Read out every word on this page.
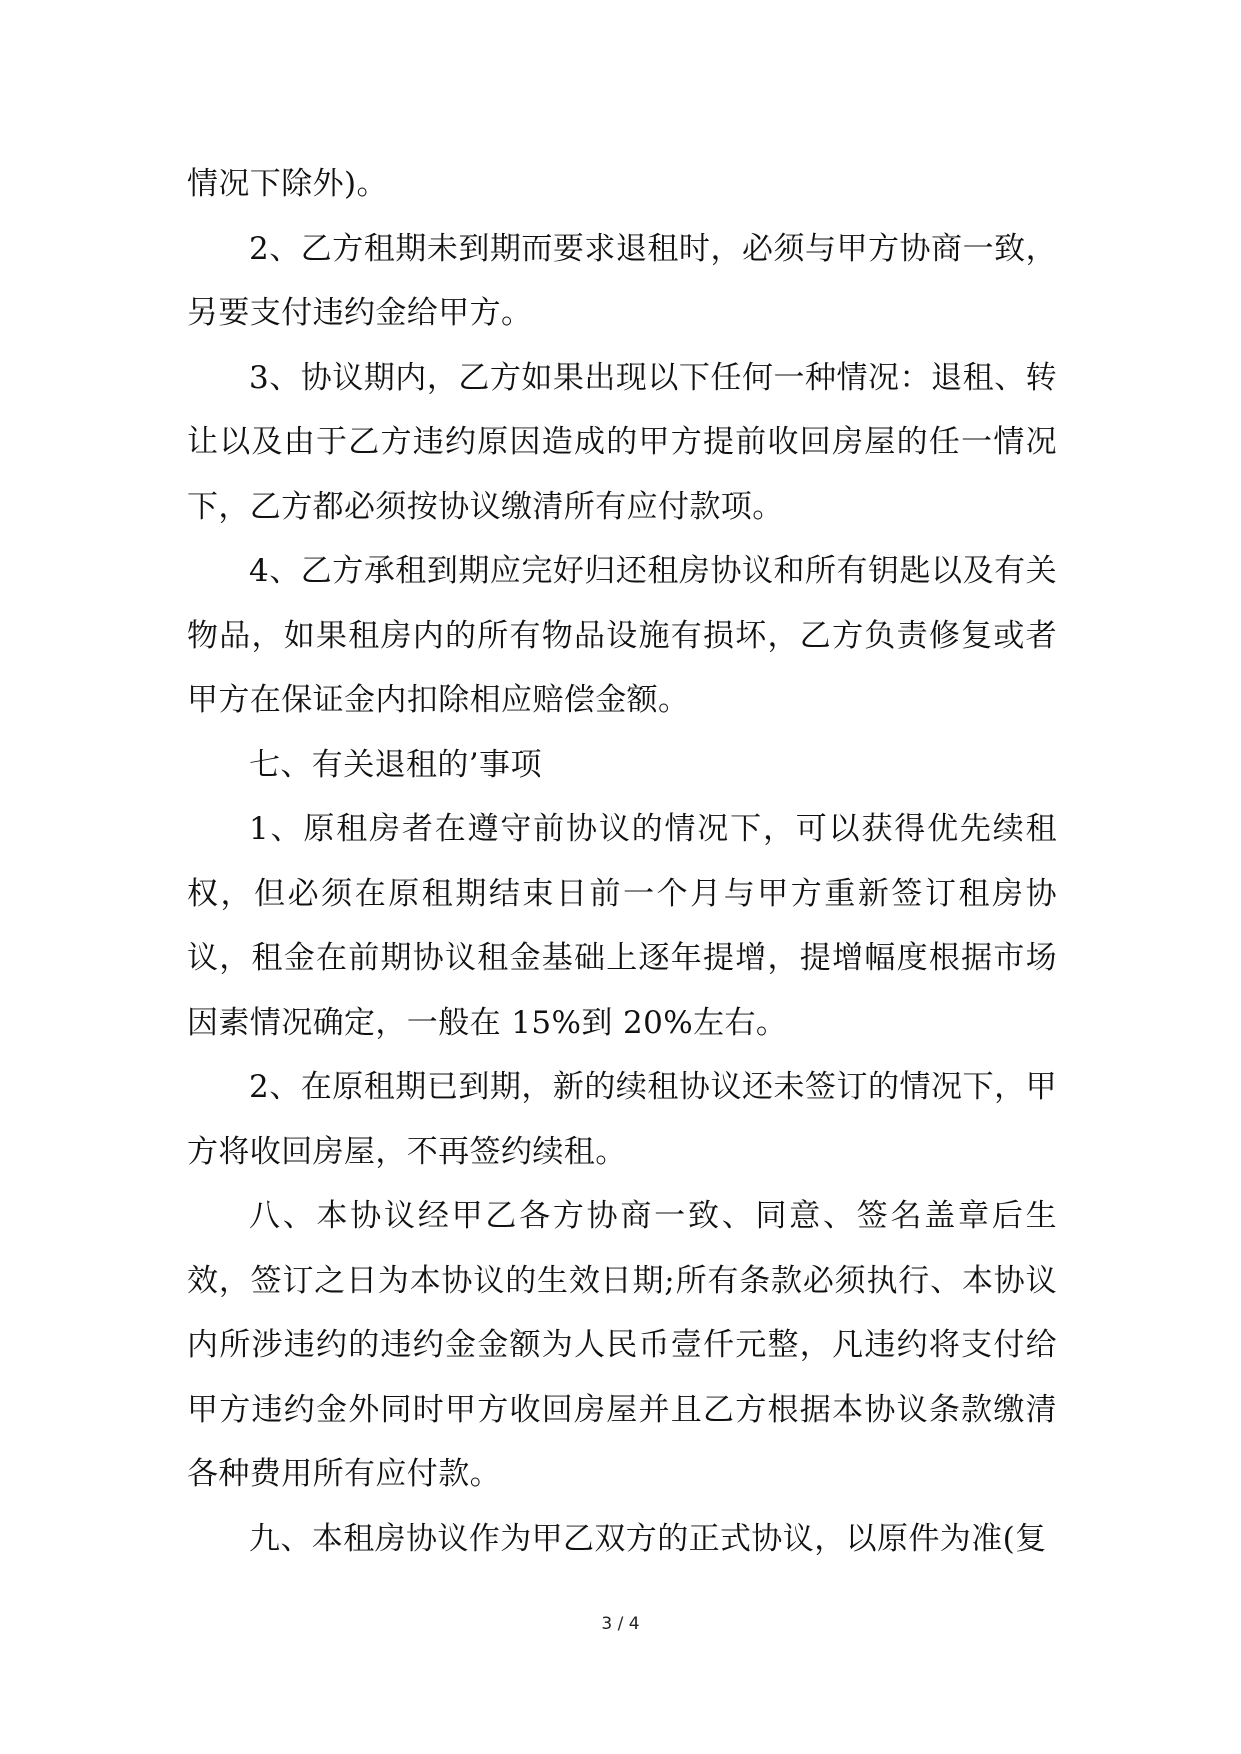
情况下除外)。

2、乙方租期未到期而要求退租时，必须与甲方协商一致，另要支付违约金给甲方。

3、协议期内，乙方如果出现以下任何一种情况：退租、转让以及由于乙方违约原因造成的甲方提前收回房屋的任一情况下，乙方都必须按协议缴清所有应付款项。

4、乙方承租到期应完好归还租房协议和所有钥匙以及有关物品，如果租房内的所有物品设施有损坏，乙方负责修复或者甲方在保证金内扣除相应赔偿金额。

七、有关退租的’事项

1、原租房者在遵守前协议的情况下，可以获得优先续租权，但必须在原租期结束日前一个月与甲方重新签订租房协议，租金在前期协议租金基础上逐年提增，提增幅度根据市场因素情况确定，一般在 15%到 20%左右。

2、在原租期已到期，新的续租协议还未签订的情况下，甲方将收回房屋，不再签约续租。

八、本协议经甲乙各方协商一致、同意、签名盖章后生效，签订之日为本协议的生效日期;所有条款必须执行、本协议内所涉违约的违约金金额为人民币壹仟元整，凡违约将支付给甲方违约金外同时甲方收回房屋并且乙方根据本协议条款缴清各种费用所有应付款。

九、本租房协议作为甲乙双方的正式协议，以原件为准(复

3 / 4
